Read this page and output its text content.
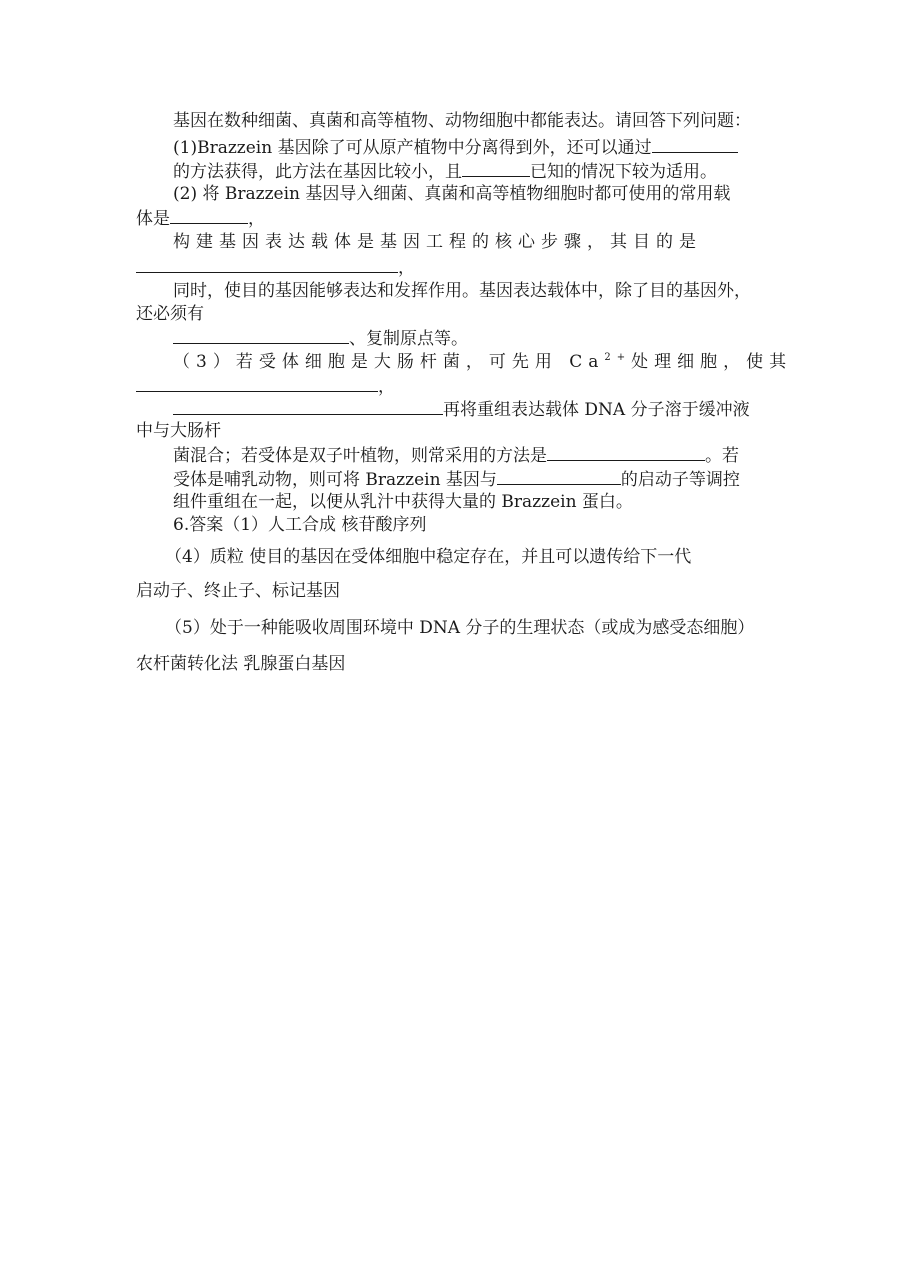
基因在数种细菌、真菌和高等植物、动物细胞中都能表达。请回答下列问题：
(1)Brazzein 基因除了可从原产植物中分离得到外，还可以通过
的方法获得，此方法在基因比较小，且	已知的情况下较为适用。
(2) 将 Brazzein 基因导入细菌、真菌和高等植物细胞时都可使用的常用载
体是	，
构建基因表达载体是基因工程的核心步骤，其目的是
，
同时，使目的基因能够表达和发挥作用。基因表达载体中，除了目的基因外，
还必须有
、复制原点等。
（3）若受体细胞是大肠杆菌，可先用 $Ca^{2+}$处理细胞，使其
，
再将重组表达载体 DNA 分子溶于缓冲液
中与大肠杆
菌混合；若受体是双子叶植物，则常采用的方法是	。若
受体是哺乳动物，则可将 Brazzein 基因与	的启动子等调控
组件重组在一起，以便从乳汁中获得大量的 Brazzein 蛋白。
6.答案（1）人工合成 核苷酸序列
（4）质粒 使目的基因在受体细胞中稳定存在，并且可以遗传给下一代
启动子、终止子、标记基因
（5）处于一种能吸收周围环境中 DNA 分子的生理状态（或成为感受态细胞）
农杆菌转化法 乳腺蛋白基因
